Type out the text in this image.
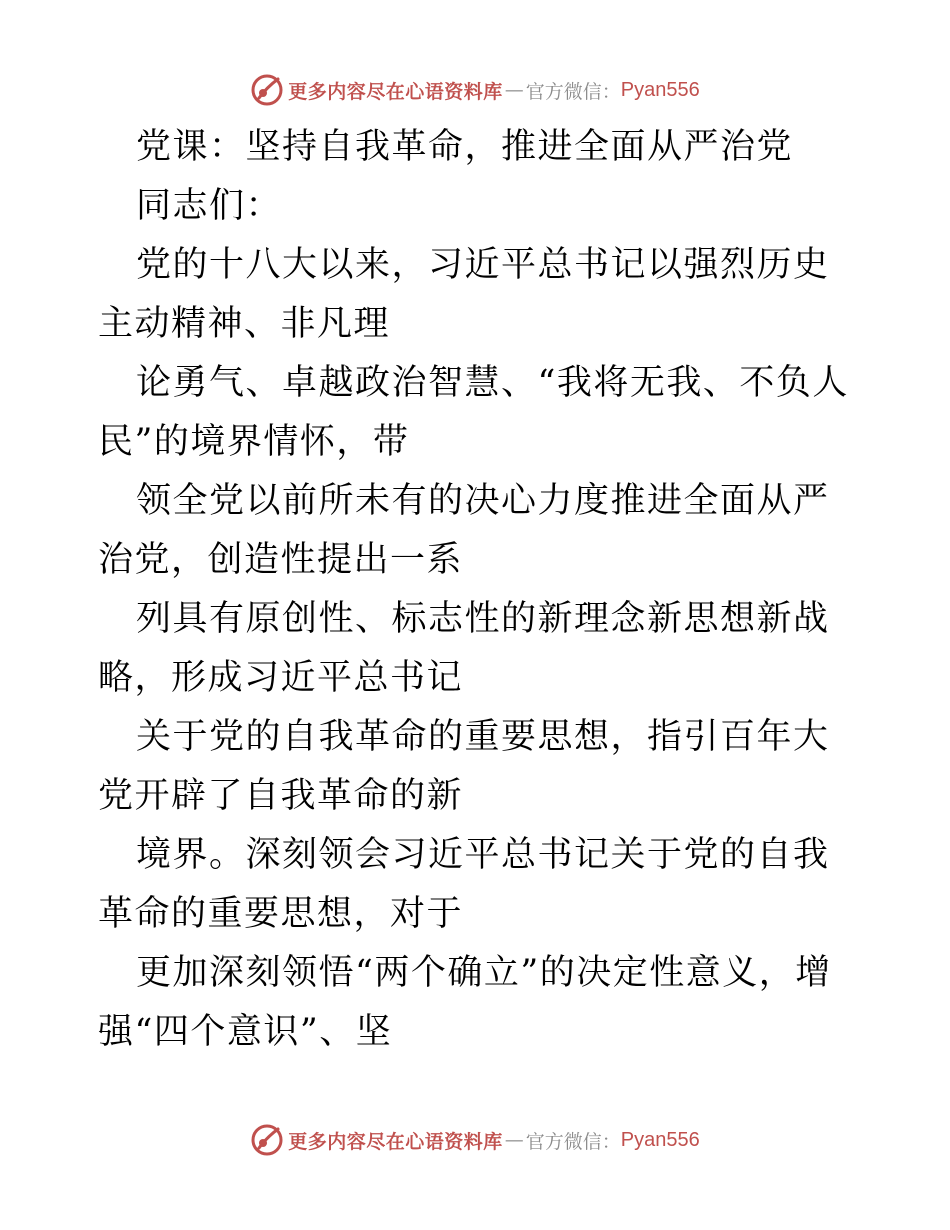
更多内容尽在心语资料库 — 官方微信： Pyan556

党课：坚持自我革命，推进全面从严治党

同志们：

党的十八大以来，习近平总书记以强烈历史主动精神、非凡理

论勇气、卓越政治智慧、“我将无我、不负人民”的境界情怀，带

领全党以前所未有的决心力度推进全面从严治党，创造性提出一系

列具有原创性、标志性的新理念新思想新战略，形成习近平总书记

关于党的自我革命的重要思想，指引百年大党开辟了自我革命的新

境界。深刻领会习近平总书记关于党的自我革命的重要思想，对于

更加深刻领悟“两个确立”的决定性意义，增强“四个意识”、坚

更多内容尽在心语资料库 — 官方微信： Pyan556
